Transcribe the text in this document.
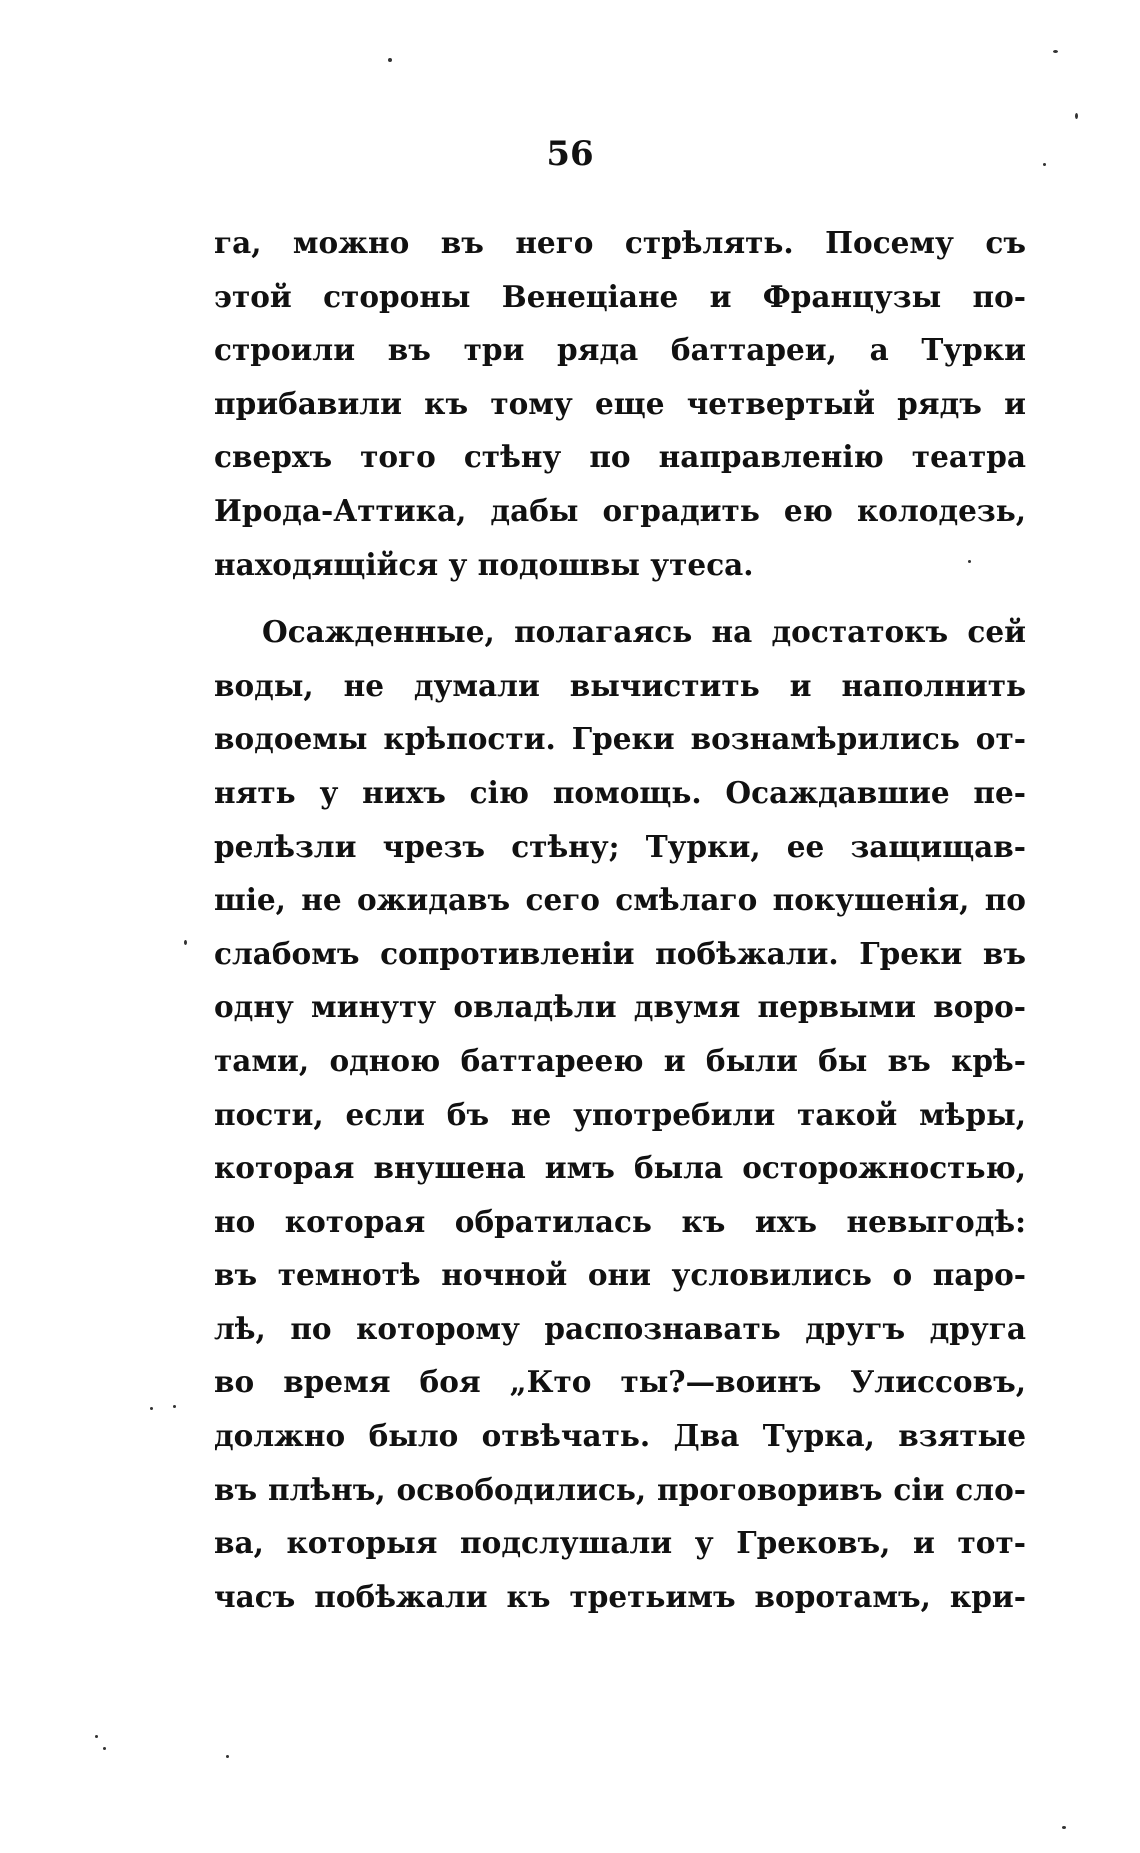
56
га, можно въ него стрѣлять. Посему съ
этой стороны Венеціане и Французы по-
строили въ три ряда баттареи, а Турки
прибавили къ тому еще четвертый рядъ и
сверхъ того стѣну по направленію театра
Ирода-Аттика, дабы оградить ею колодезь,
находящійся у подошвы утеса.
Осажденные, полагаясь на достатокъ сей
воды, не думали вычистить и наполнить
водоемы крѣпости. Греки вознамѣрились от-
нять у нихъ сію помощь. Осаждавшие пе-
релѣзли чрезъ стѣну; Турки, ее защищав-
шіе, не ожидавъ сего смѣлаго покушенія, по
слабомъ сопротивленіи побѣжали. Греки въ
одну минуту овладѣли двумя первыми воро-
тами, одною баттареею и были бы въ крѣ-
пости, если бъ не употребили такой мѣры,
которая внушена имъ была осторожностью,
но которая обратилась къ ихъ невыгодѣ:
въ темнотѣ ночной они условились о паро-
лѣ, по которому распознавать другъ друга
во время боя „Кто ты?—воинъ Улиссовъ,
должно было отвѣчать. Два Турка, взятые
въ плѣнъ, освободились, проговоривъ сіи сло-
ва, которыя подслушали у Грековъ, и тот-
часъ побѣжали къ третьимъ воротамъ, кри-
